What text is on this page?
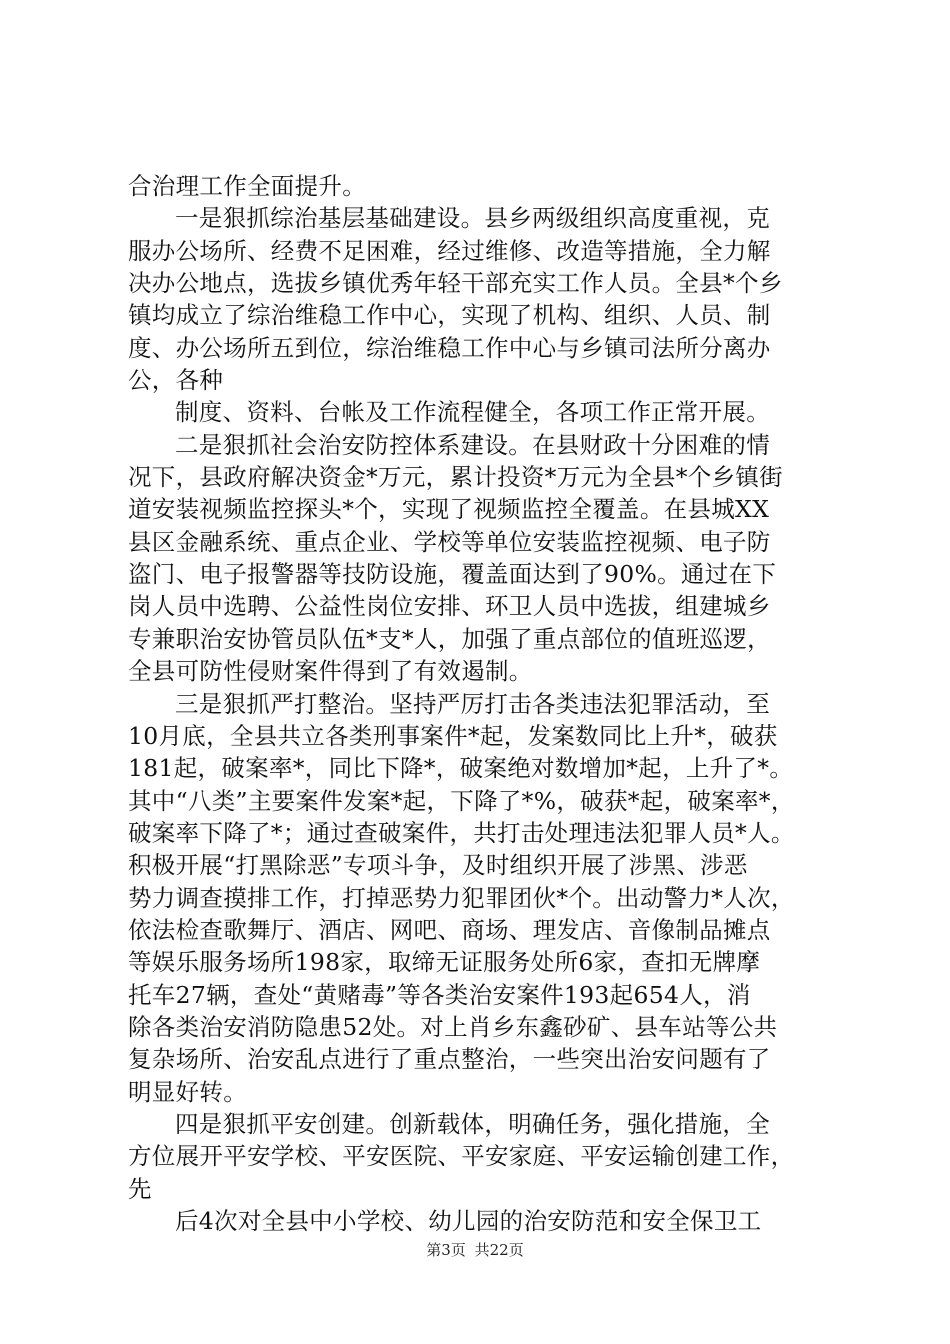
合治理工作全面提升。
一是狠抓综治基层基础建设。县乡两级组织高度重视，克
服办公场所、经费不足困难，经过维修、改造等措施，全力解
决办公地点，选拔乡镇优秀年轻干部充实工作人员。全县*个乡
镇均成立了综治维稳工作中心，实现了机构、组织、人员、制
度、办公场所五到位，综治维稳工作中心与乡镇司法所分离办
公，各种
制度、资料、台帐及工作流程健全，各项工作正常开展。
二是狠抓社会治安防控体系建设。在县财政十分困难的情
况下，县政府解决资金*万元，累计投资*万元为全县*个乡镇街
道安装视频监控探头*个，实现了视频监控全覆盖。在县城XX
县区金融系统、重点企业、学校等单位安装监控视频、电子防
盗门、电子报警器等技防设施，覆盖面达到了90%。通过在下
岗人员中选聘、公益性岗位安排、环卫人员中选拔，组建城乡
专兼职治安协管员队伍*支*人，加强了重点部位的值班巡逻，
全县可防性侵财案件得到了有效遏制。
三是狠抓严打整治。坚持严厉打击各类违法犯罪活动，至
10月底，全县共立各类刑事案件*起，发案数同比上升*，破获
181起，破案率*，同比下降*，破案绝对数增加*起，上升了*。
其中“八类”主要案件发案*起，下降了*%，破获*起，破案率*，
破案率下降了*；通过查破案件，共打击处理违法犯罪人员*人。
积极开展“打黑除恶”专项斗争，及时组织开展了涉黑、涉恶
势力调查摸排工作，打掉恶势力犯罪团伙*个。出动警力*人次，
依法检查歌舞厅、酒店、网吧、商场、理发店、音像制品摊点
等娱乐服务场所198家，取缔无证服务处所6家，查扣无牌摩
托车27辆，查处“黄赌毒”等各类治安案件193起654人，消
除各类治安消防隐患52处。对上肖乡东鑫砂矿、县车站等公共
复杂场所、治安乱点进行了重点整治，一些突出治安问题有了
明显好转。
四是狠抓平安创建。创新载体，明确任务，强化措施，全
方位展开平安学校、平安医院、平安家庭、平安运输创建工作，
先
后4次对全县中小学校、幼儿园的治安防范和安全保卫工
第3页 共22页
